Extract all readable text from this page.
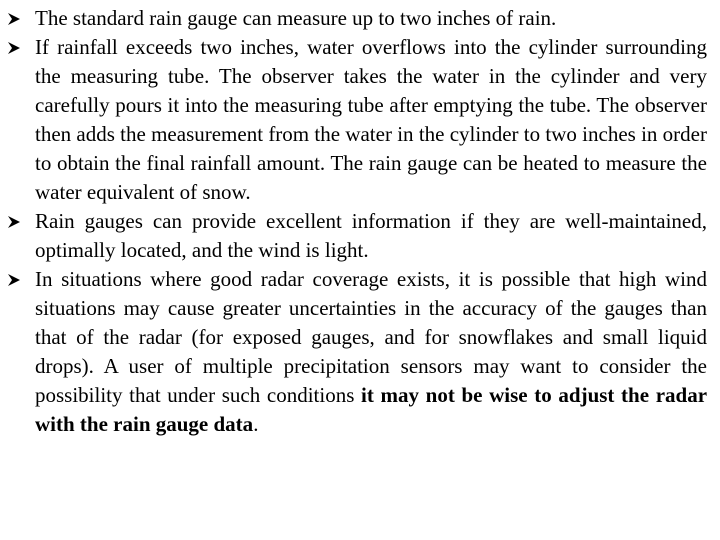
The standard rain gauge can measure up to two inches of rain.
If rainfall exceeds two inches, water overflows into the cylinder surrounding the measuring tube. The observer takes the water in the cylinder and very carefully pours it into the measuring tube after emptying the tube. The observer then adds the measurement from the water in the cylinder to two inches in order to obtain the final rainfall amount. The rain gauge can be heated to measure the water equivalent of snow.
Rain gauges can provide excellent information if they are well-maintained, optimally located, and the wind is light.
In situations where good radar coverage exists, it is possible that high wind situations may cause greater uncertainties in the accuracy of the gauges than that of the radar (for exposed gauges, and for snowflakes and small liquid drops). A user of multiple precipitation sensors may want to consider the possibility that under such conditions it may not be wise to adjust the radar with the rain gauge data.
